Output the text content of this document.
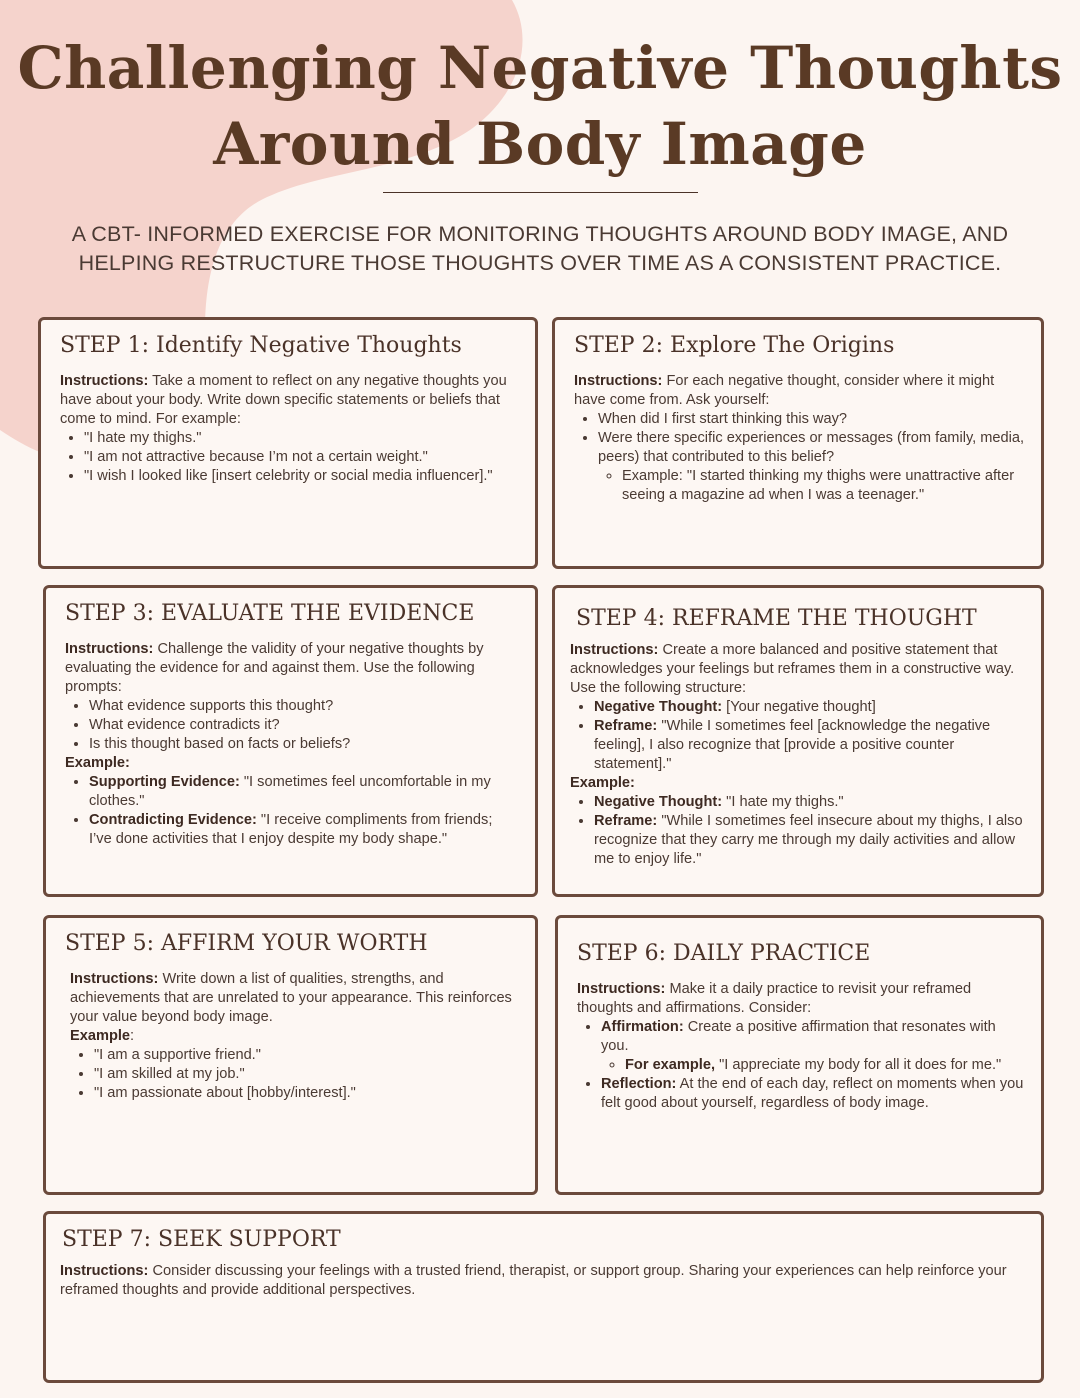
Challenging Negative Thoughts
Around Body Image

A CBT- INFORMED EXERCISE FOR MONITORING THOUGHTS AROUND BODY IMAGE, AND
HELPING RESTRUCTURE THOSE THOUGHTS OVER TIME AS A CONSISTENT PRACTICE.

STEP 1: Identify Negative Thoughts

Instructions: Take a moment to reflect on any negative thoughts you have about your body. Write down specific statements or beliefs that come to mind. For example:

• "I hate my thighs."
• "I am not attractive because I’m not a certain weight."
• "I wish I looked like [insert celebrity or social media influencer]."
STEP 2: Explore The Origins

Instructions: For each negative thought, consider where it might have come from. Ask yourself:

• When did I first start thinking this way?
• Were there specific experiences or messages (from family, media, peers) that contributed to this belief?
◦ Example: "I started thinking my thighs were unattractive after seeing a magazine ad when I was a teenager."
STEP 3: EVALUATE THE EVIDENCE

Instructions: Challenge the validity of your negative thoughts by evaluating the evidence for and against them. Use the following prompts:

• What evidence supports this thought?
• What evidence contradicts it?
• Is this thought based on facts or beliefs?

Example:

• Supporting Evidence: "I sometimes feel uncomfortable in my clothes."
• Contradicting Evidence: "I receive compliments from friends; I’ve done activities that I enjoy despite my body shape."
STEP 4: REFRAME THE THOUGHT

Instructions: Create a more balanced and positive statement that acknowledges your feelings but reframes them in a constructive way. Use the following structure:

• Negative Thought: [Your negative thought]
• Reframe: "While I sometimes feel [acknowledge the negative feeling], I also recognize that [provide a positive counter statement]."

Example:

• Negative Thought: "I hate my thighs."
• Reframe: "While I sometimes feel insecure about my thighs, I also recognize that they carry me through my daily activities and allow me to enjoy life."
STEP 5: AFFIRM YOUR WORTH

Instructions: Write down a list of qualities, strengths, and achievements that are unrelated to your appearance. This reinforces your value beyond body image.

Example:

• "I am a supportive friend."
• "I am skilled at my job."
• "I am passionate about [hobby/interest]."
STEP 6: DAILY PRACTICE

Instructions: Make it a daily practice to revisit your reframed thoughts and affirmations. Consider:

• Affirmation: Create a positive affirmation that resonates with you.
◦ For example, "I appreciate my body for all it does for me."
• Reflection: At the end of each day, reflect on moments when you felt good about yourself, regardless of body image.
STEP 7: SEEK SUPPORT

Instructions: Consider discussing your feelings with a trusted friend, therapist, or support group. Sharing your experiences can help reinforce your reframed thoughts and provide additional perspectives.
